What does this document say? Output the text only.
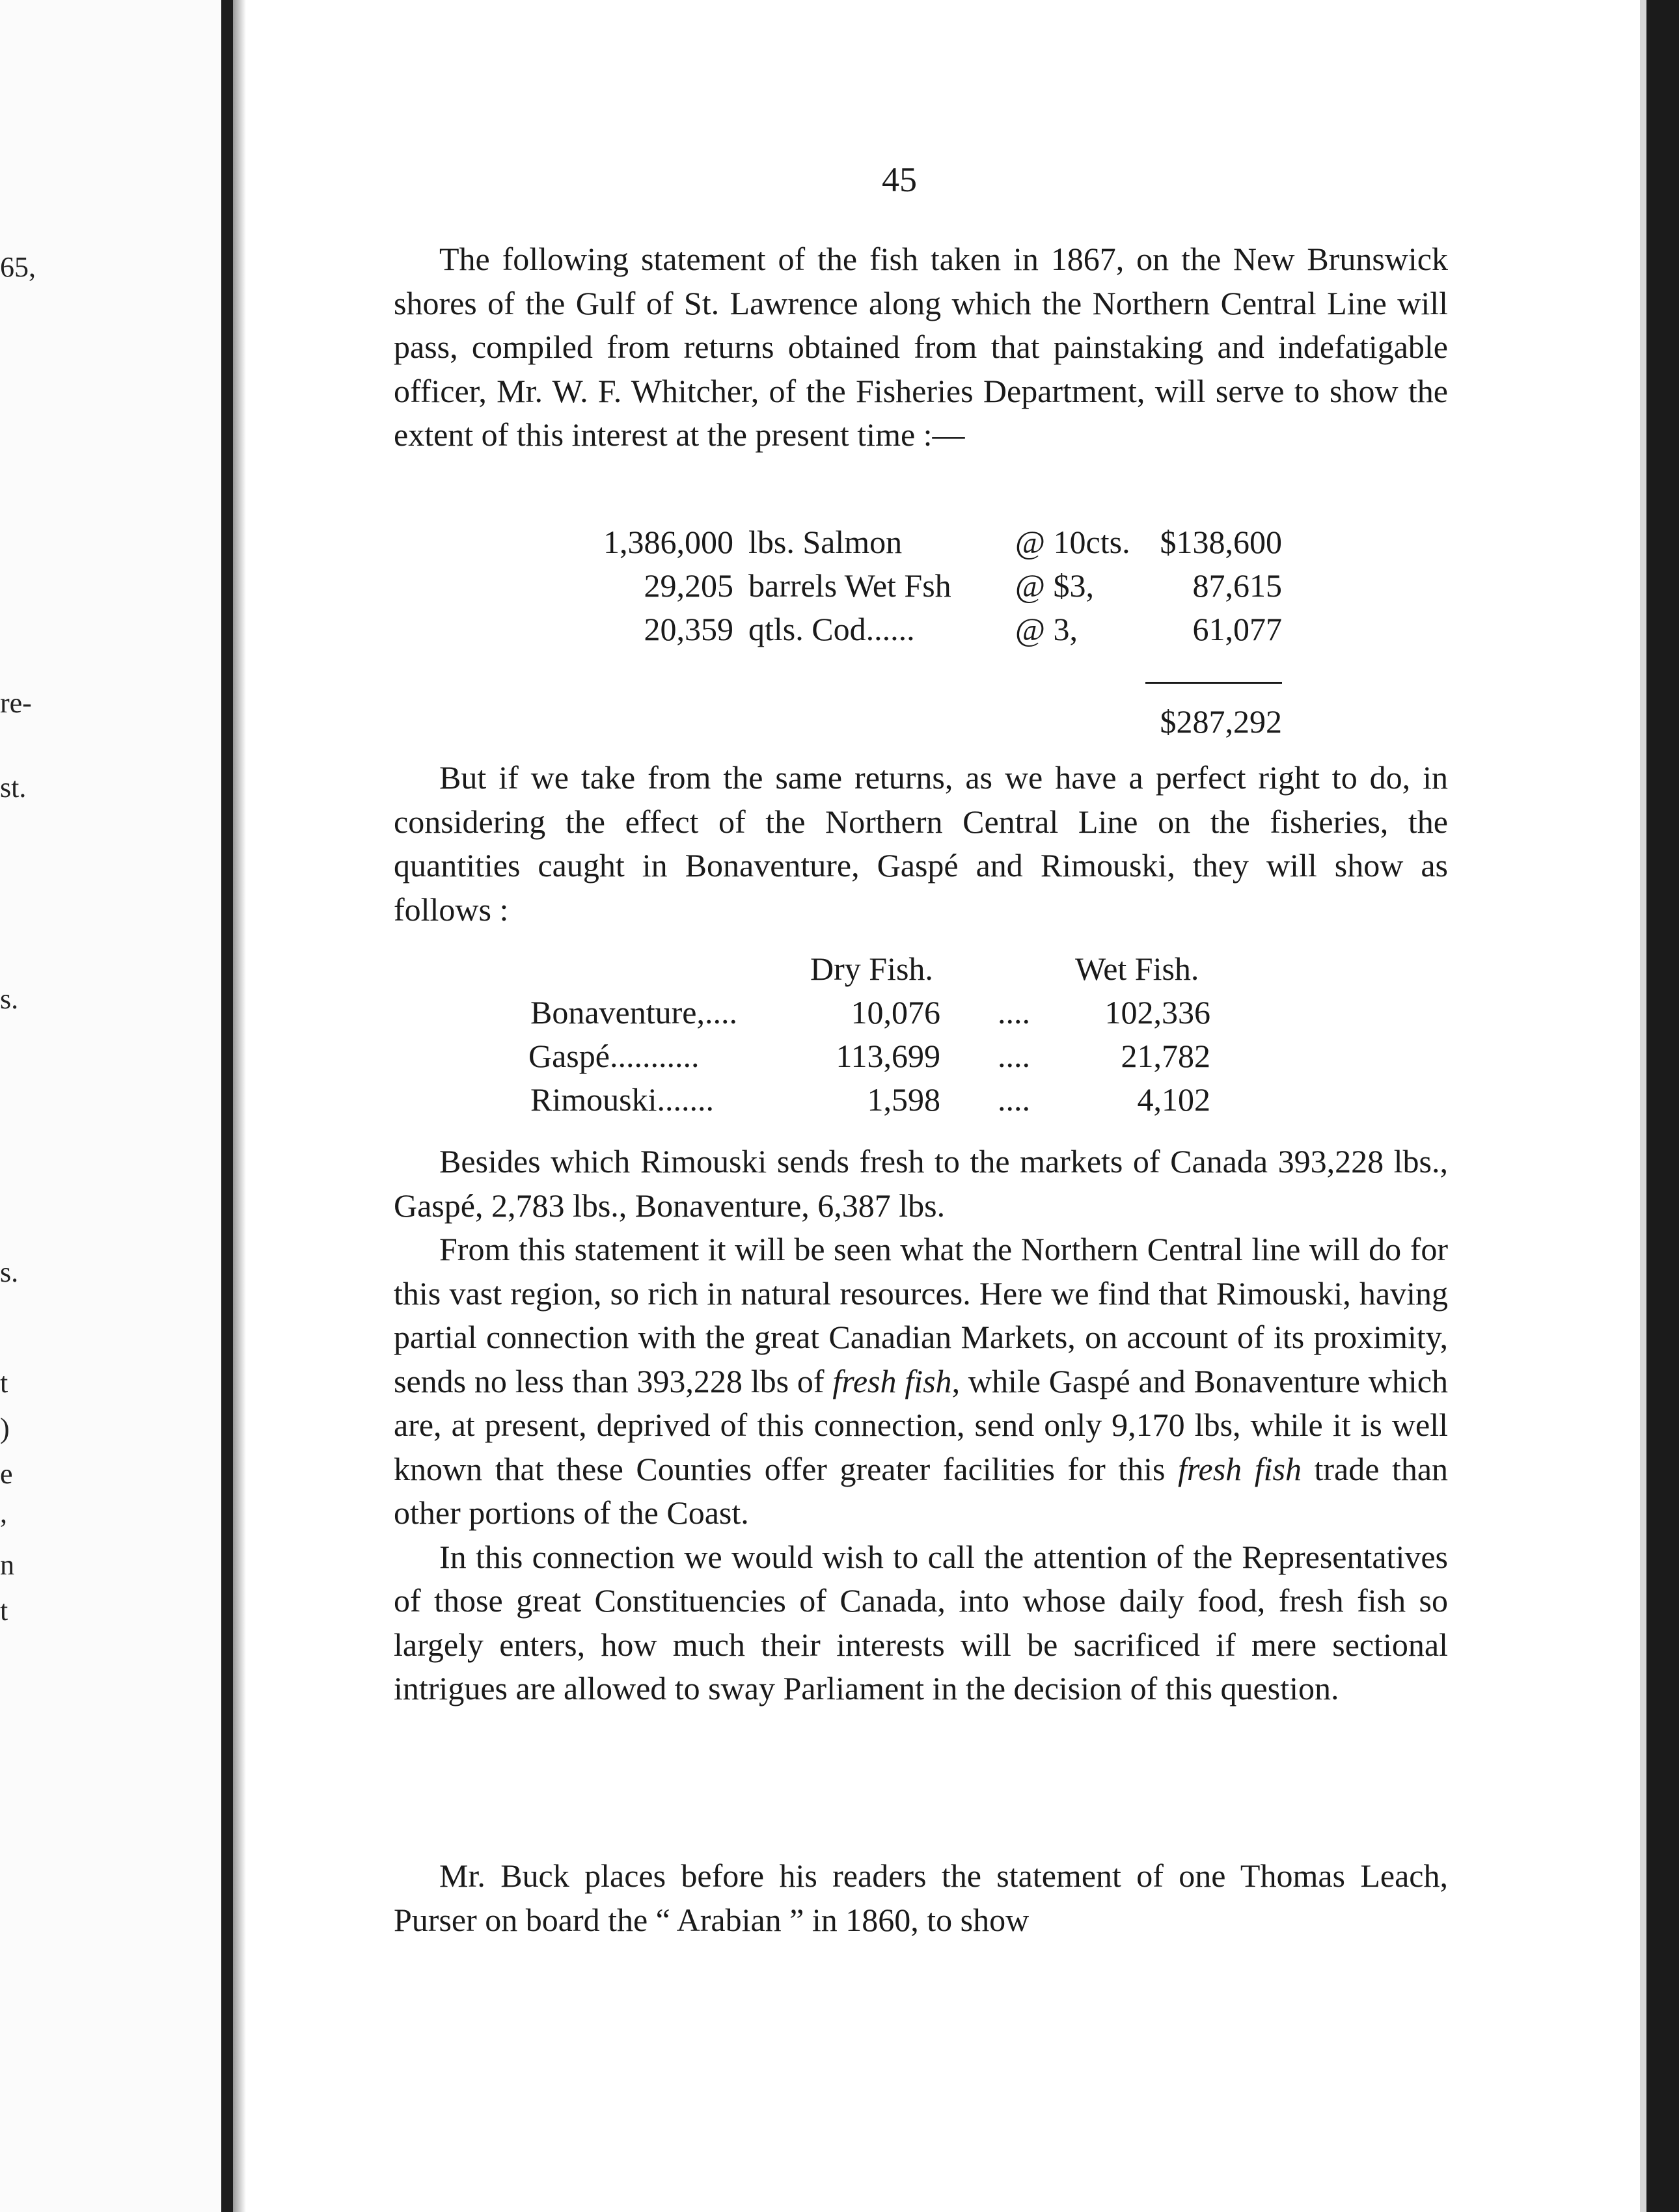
65,
re-
st.
s.
s.
t
)
e
,
n
t
45

The following statement of the fish taken in 1867, on the New Brunswick shores of the Gulf of St. Lawrence along which the Northern Central Line will pass, compiled from returns obtained from that painstaking and indefatigable officer, Mr. W. F. Whitcher, of the Fisheries Department, will serve to show the extent of this interest at the present time :—

1,386,000 lbs. Salmon	@ 10cts. $138,600
29,205 barrels Wet Fsh @ $3,	87,615
20,359 qtls. Cod......	@ 3,	61,077
$287,292

But if we take from the same returns, as we have a perfect right to do, in considering the effect of the Northern Central Line on the fisheries, the quantities caught in Bonaventure, Gaspé and Rimouski, they will show as follows :

Dry Fish.	Wet Fish.
Bonaventure,....	10,076 .... 102,336
Gaspé...........	113,699 ....	21,782
Rimouski.......	1,598 ....	4,102

Besides which Rimouski sends fresh to the markets of Canada 393,228 lbs., Gaspé, 2,783 lbs., Bonaventure, 6,387 lbs.

From this statement it will be seen what the Northern Central line will do for this vast region, so rich in natural resources. Here we find that Rimouski, having partial connection with the great Canadian Markets, on account of its proximity, sends no less than 393,228 lbs of fresh fish, while Gaspé and Bonaventure which are, at present, deprived of this connection, send only 9,170 lbs, while it is well known that these Counties offer greater facilities for this fresh fish trade than other portions of the Coast.

In this connection we would wish to call the attention of the Representatives of those great Constituencies of Canada, into whose daily food, fresh fish so largely enters, how much their interests will be sacrificed if mere sectional intrigues are allowed to sway Parliament in the decision of this question.

Mr. Buck places before his readers the statement of one Thomas Leach, Purser on board the “ Arabian ” in 1860, to show
